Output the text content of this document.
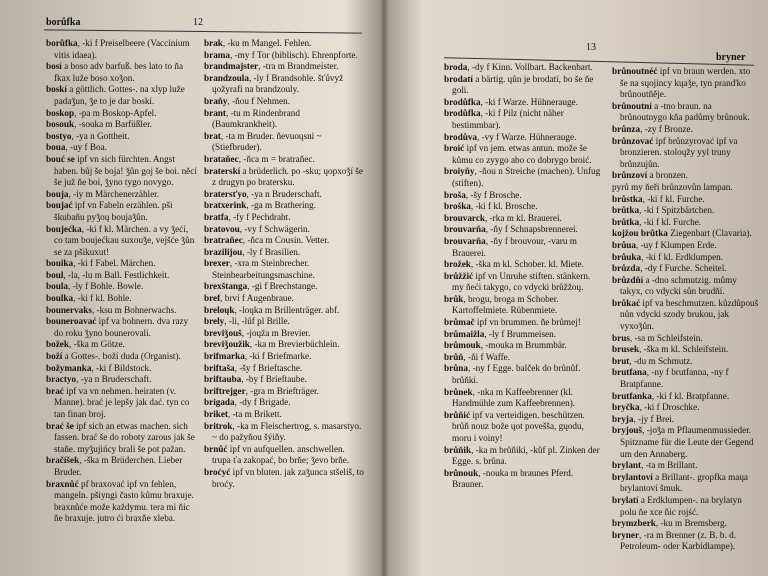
borůfka	12

borůfka, -ki f Preiselbeere (Vaccinium vitis idaea).

bosí a boso adv barfuß. bes lato to ňa fkax luže boso xoǯon.

boskí a göttlich. Gottes-. na xlyp luže padaǯun, ǯe to je dar boskí.

boskop, -pa m Boskop-Apfel.

bosouk, -souka m Barfüßler.

bostyo, -ya n Gottheit.

boua, -uy f Boa.

bouć se ipf vn sich fürchten. Angst haben. bůj še boja! ǯůn goj še boi. něcí še juž ňe boi, ǯyno tygo novygo.

bouja, -iy m Märchenerzähler.

boujać ipf vn Fabeln erzählen. pši škubaňu pyǯoų boujaǯůn.

boujećka, -ki f kl. Märchen. a vy ǯeći, co tam boujećkau suxouǯe, vejšće ǯůn se za pšikuxut!

bouika, -ki f Fabel. Märchen.

boul, -la, -lu m Ball. Festlichkeit.

boula, -ly f Bohle. Bowle.

boulka, -ki f kl. Bohle.

bounervaks, -ksu m Bohnerwachs.

bouneroavać ipf va bohnern. dva razy do roku ǯyno bounerovali.

božek, -ška m Götze.

boží a Gottes-. boží duda (Organist).

božymanka, -ki f Bildstock.

bractyo, -ya n Bruderschaft.

brać ipf va vn nehmen. heiraten (v. Manne). brać je lepšy jak dać. tyn co tan finan broj.

brać še ipf sich an etwas machen. sich fassen. brać še do roboty zarous jak še staňe. myǯujińcy brali še pot pažan.

bračíšek, -ška m Brüderchen. Lieber Bruder.

braxnůć pf braxovać ipf vn fehlen, mangeln. pšiyngi často kůmu braxuje. braxnůće može každymu. tera mi ňic ňe braxuje. jutro ći braxňe xleba.

brak, -ku m Mangel. Fehlen.

brama, -my f Tor (biblisch). Ehrenpforte.

brandmajster, -tra m Brandmeister.

brandzoula, -ly f Brandsohle. šťůvyž ųožyrafi na brandzouly.

braňy, -ňou f Nehmen.

brant, -tu m Rindenbrand (Baumkrankheit).

brat, -ta m Bruder. ňevuoųsni ~ (Stiefbruder).

brataňec, -ňca m = bratraňec.

braterskí a brüderlich. po -sku; ųopxoǯí še z drugyn po bratersku.

bratersťyo, -ya n Bruderschaft.

bratxerink, -ga m Brathering.

bratfa, -fy f Pechdraht.

bratovou, -vy f Schwägerin.

bratraňec, -ňca m Cousin. Vetter.

brazilijou, -ly f Brasilien.

brexer, -xra m Steinbrecher. Steinbearbeitungsmaschine.

brexštanga, -gi f Brechstange.

bref, brví f Augenbraue.

breloųk, -loųka m Brillenträger. abf.

brely, -li, -lůf pl Brille.

breviǯouš, -joųža m Brevier.

breviǯoužik, -ka m Brevierbüchlein.

brifmarka, -ki f Briefmarke.

briftaša, -šy f Brieftasche.

briftauba, -by f Brieftaube.

briftrejger, -gra m Briefträger.

brigada, -dy f Brigade.

briket, -ta m Brikett.

britrok, -ka m Fleischertrog, s. masarstyo. ~ do pažyňou šýiňy.

brnůć ipf vn aufquellen. anschwellen. trupa ťa zakopać, bo brňe; ǯevo brňe.

broćyć ipf vn bluten. jak zaǯunca stšelíš, to broćy.

13
bryner

broda, -dy f Kinn. Vollbart. Backenbart.

brodatí a bärtig. ųůn je brodatí, bo še ňe goli.

brodůfka, -ki f Warze. Hühneraugе.

brodůfka, -ki f Pilz (nicht näher bestimmbar).

brodůva, -vy f Warze. Hühneraugе.

broić ipf vn jem. etwas antun. može še kůmu co zyygo abo co dobrygo broić.

broiyňy, -ňou n Streiche (machen). Unfug (stiften).

broša, -šy f Brosche.

broška, -ki f kl. Brosche.

brouvarck, -rka m kl. Brauerei.

brouvarňa, -ňy f Schnapsbrennerei.

brouvarňa, -ňy f brouvour, -varu m Brauerei.

brožek, -ška m kl. Schober. kl. Miete.

brůžžić ipf vn Unruhe stiften. stänkern. my ňeći takygo, co vdycki brůžžoų.

brůk, brogu, broga m Schober. Kartoffelmiete. Rübenmiete.

brůmač ipf vn brummen. ňe brůmej!

brůmaižla, -ly f Brummeisen.

brůmouk, -mouka m Brummbär.

brůň, -ňi f Waffe.

brůna, -ny f Egge. balček do brůnůf. brůňki.

brůnek, -nka m Kaffeebrenner (kl. Handmühle zum Kaffeebrennen).

brůňić ipf va verteidigen. beschützen. brůň nouz bože ųot povešša, gųodu, moru i voiny!

brůňik, -ka m brůňiki, -kůf pl. Zinken der Egge. s. brůna.

brůnouk, -nouka m braunes Pferd. Brauner.

brůnoutnéć ipf vn braun werden. xto še na sųojincy kųaǯe, tyn pranďko brůnoutňěje.

brůnoutní a -tno braun. na brůnoutnygo kňa padůmy brůnouk.

brůnza, -zy f Bronze.

brůnzovać ipf brůnzyrovać ipf va bronzieren. stoloųžy yyl truny brůnzujůn.

brůnzoví a bronzen.

pyrů my ňeři brůnzovůn lampan.

brůstka, -ki f kl. Furche.

brůtka, -ki f Spitzbärtchen.

brůtka, -ki f kl. Furche.

kojžou brůtka Ziegenbart (Clavaria).

brůua, -uy f Klumpen Erde.

brůuka, -ki f kl. Erdklumpen.

brůzda, -dy f Furche. Scheitel.

brůzdňí a -dno schmutzig. můmy takyx, co vdycki sůn brudňí.

brůkać ipf va beschmutzen. kůzdůpouš nůn vdycki szody brukou, jak vyxoǯůn.

brus, -sa m Schleifstein.

brusek, -ška m kl. Schleifstein.

brut, -du m Schmutz.

brutfana, -ny f brutfanna, -ny f Bratpfanne.

brutfanka, -ki f kl. Bratpfanne.

bryčka, -ki f Droschke.

bryja, -jy f Brei.

bryjouš, -joǯa m Pflaumenmussieder. Spitzname für die Leute der Gegend um den Annaberg.

brylant, -ta m Brillant.

brylantoví a Brillant-. gropfka maųa brylantoví šmuk.

brylatí a Erdklumpen-. na brylatyn polu ňe xce ňic rojść.

brymzberk, -ku m Bremsberg.

bryner, -ra m Brenner (z. B. b. d. Petroleum- oder Karbidlampe).
